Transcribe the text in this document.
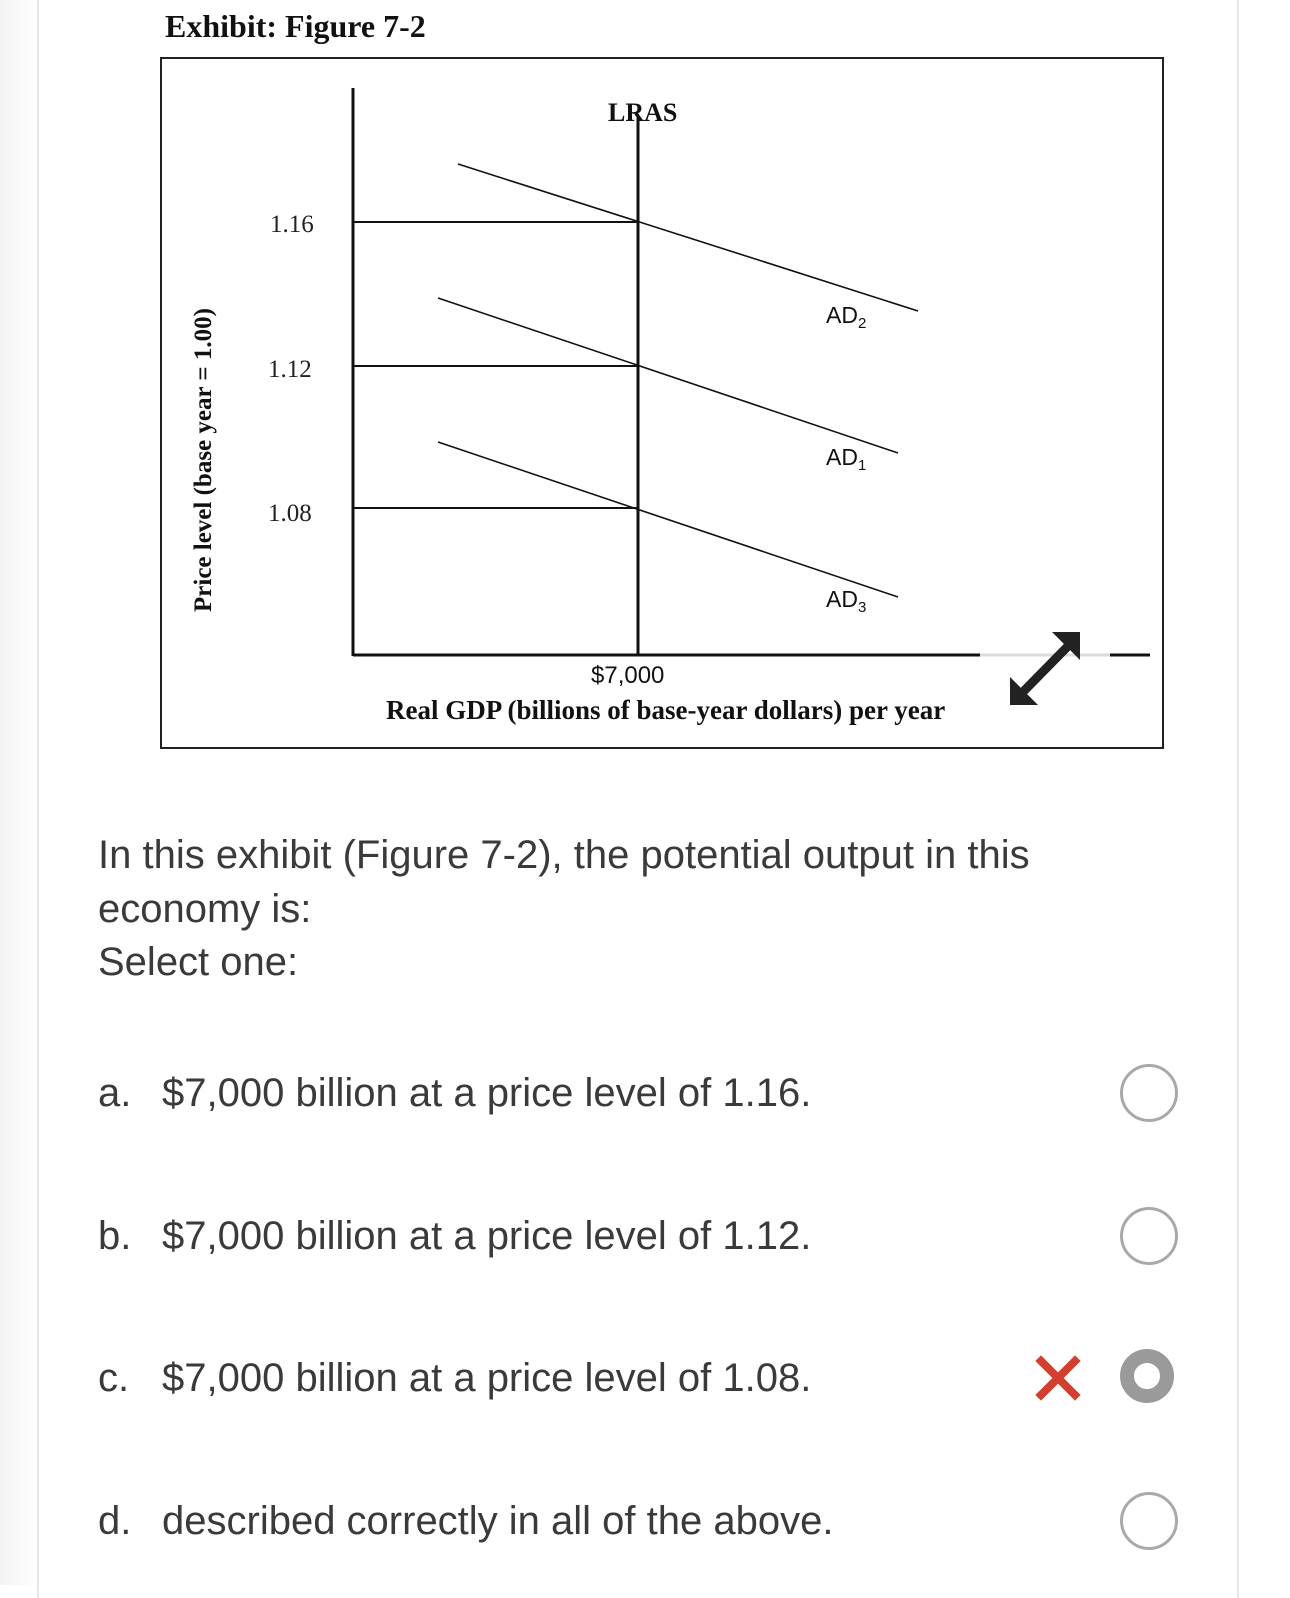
Exhibit: Figure 7-2
Price level (base year = 1.00)
1.16
1.12
1.08
LRAS
$AD_2$
$AD_1$
$AD_3$
$7,000
Real GDP (billions of base-year dollars) per year

In this exhibit (Figure 7-2), the potential output in this economy is:

Select one:
a. $7,000 billion at a price level of 1.16.
b. $7,000 billion at a price level of 1.12.
c. $7,000 billion at a price level of 1.08.
d. described correctly in all of the above.
